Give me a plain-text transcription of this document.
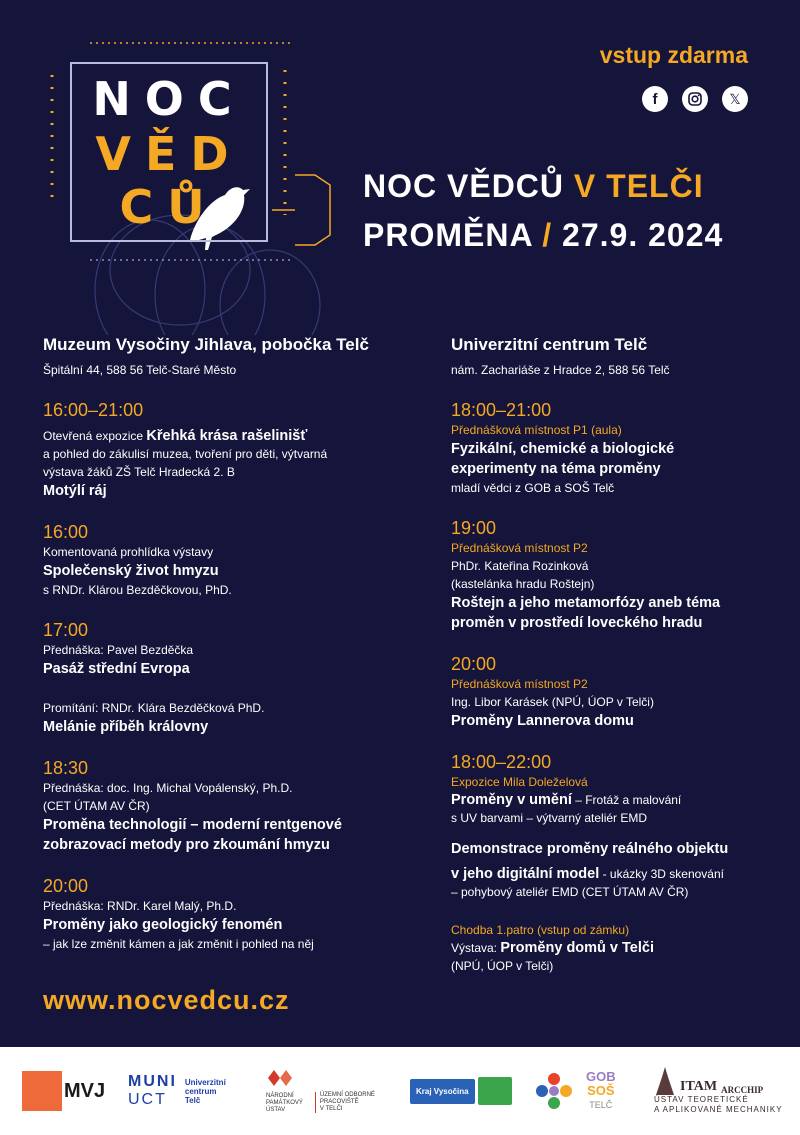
NOC
VĚD
CŮ
vstup zdarma
f	𝕏
NOC VĚDCŮ V TELČI
PROMĚNA / 27.9. 2024
Muzeum Vysočiny Jihlava, pobočka Telč
Špitální 44, 588 56 Telč-Staré Město
16:00–21:00
Otevřená expozice Křehká krása rašelinišť
a pohled do zákulisí muzea, tvoření pro děti, výtvarná výstava žáků ZŠ Telč Hradecká 2. B
Motýlí ráj
16:00
Komentovaná prohlídka výstavy
Společenský život hmyzu
s RNDr. Klárou Bezděčkovou, PhD.
17:00
Přednáška: Pavel Bezděčka
Pasáž střední Evropa
Promítání: RNDr. Klára Bezděčková PhD.
Melánie příběh královny
18:30
Přednáška: doc. Ing. Michal Vopálenský, Ph.D.
(CET ÚTAM AV ČR)
Proměna technologií – moderní rentgenové
zobrazovací metody pro zkoumání hmyzu
20:00
Přednáška: RNDr. Karel Malý, Ph.D.
Proměny jako geologický fenomén
– jak lze změnit kámen a jak změnit i pohled na něj
Univerzitní centrum Telč
nám. Zachariáše z Hradce 2, 588 56 Telč
18:00–21:00
Přednášková místnost P1 (aula)
Fyzikální, chemické a biologické
experimenty na téma proměny
mladí vědci z GOB a SOŠ Telč
19:00
Přednášková místnost P2
PhDr. Kateřina Rozinková
(kastelánka hradu Roštejn)
Roštejn a jeho metamorfózy aneb téma
proměn v prostředí loveckého hradu
20:00
Přednášková místnost P2
Ing. Libor Karásek (NPÚ, ÚOP v Telči)
Proměny Lannerova domu
18:00–22:00
Expozice Mila Doleželová
Proměny v umění – Frotáž a malování
s UV barvami – výtvarný ateliér EMD
Demonstrace proměny reálného objektu
v jeho digitální model - ukázky 3D skenování
– pohybový ateliér EMD (CET ÚTAM AV ČR)
Chodba 1.patro (vstup od zámku)
Výstava: Proměny domů v Telči
(NPÚ, ÚOP v Telči)
www.nocvedcu.cz
MVJ MUNI
UCT
Univerzitní
centrum
Telč	NÁRODNÍ
PAMÁTKOVÝ
ÚSTAV
ÚZEMNÍ ODBORNÉ
PRACOVIŠTĚ
V TELČI
Kraj Vysočina
GOB
SOŠ
TELČ
ITAM ARCCHIP
ÚSTAV TEORETICKÉ
A APLIKOVANÉ MECHANIKY
